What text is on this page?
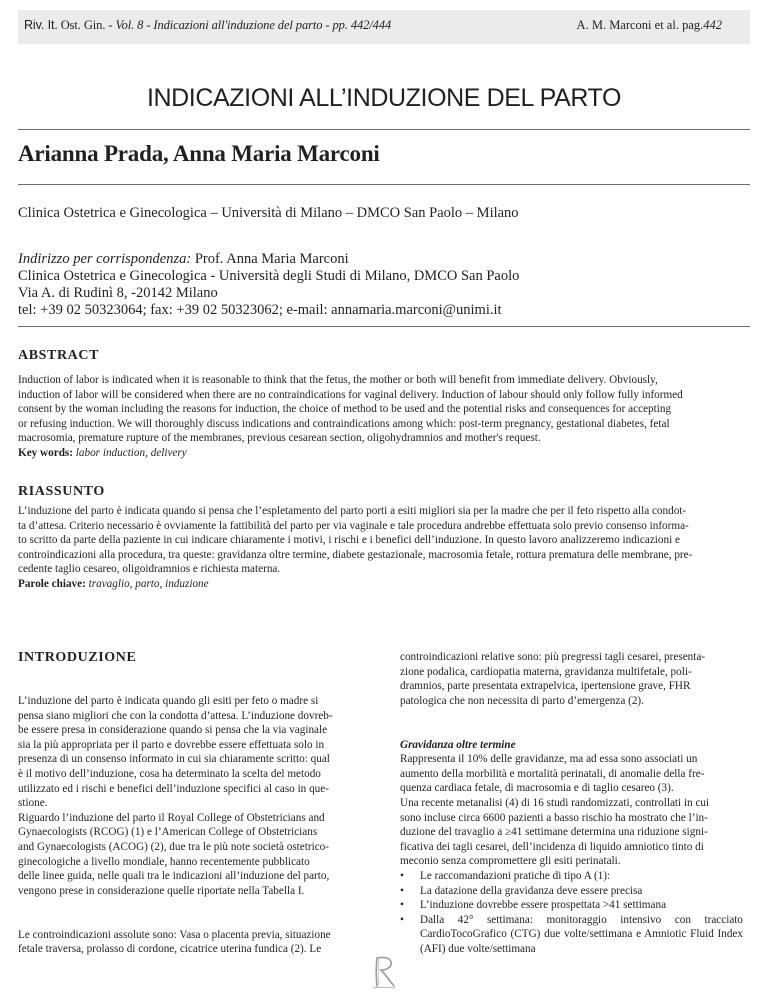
Riv. It. Ost. Gin. - Vol. 8 - Indicazioni all'induzione del parto - pp. 442/444	A. M. Marconi et al. pag.442
INDICAZIONI ALL’INDUZIONE DEL PARTO
Arianna Prada, Anna Maria Marconi
Clinica Ostetrica e Ginecologica – Università di Milano – DMCO San Paolo – Milano
Indirizzo per corrispondenza: Prof. Anna Maria Marconi
Clinica Ostetrica e Ginecologica - Università degli Studi di Milano, DMCO San Paolo
Via A. di Rudinì 8, -20142 Milano
tel: +39 02 50323064; fax: +39 02 50323062; e-mail: annamaria.marconi@unimi.it
ABSTRACT
Induction of labor is indicated when it is reasonable to think that the fetus, the mother or both will benefit from immediate delivery. Obviously,
induction of labor will be considered when there are no contraindications for vaginal delivery. Induction of labour should only follow fully informed
consent by the woman including the reasons for induction, the choice of method to be used and the potential risks and consequences for accepting
or refusing induction. We will thoroughly discuss indications and contraindications among which: post-term pregnancy, gestational diabetes, fetal
macrosomia, premature rupture of the membranes, previous cesarean section, oligohydramnios and mother's request.
Key words: labor induction, delivery
RIASSUNTO
L’induzione del parto è indicata quando si pensa che l’espletamento del parto porti a esiti migliori sia per la madre che per il feto rispetto alla condot-
ta d’attesa. Criterio necessario è ovviamente la fattibilità del parto per via vaginale e tale procedura andrebbe effettuata solo previo consenso informa-
to scritto da parte della paziente in cui indicare chiaramente i motivi, i rischi e i benefici dell’induzione. In questo lavoro analizzeremo indicazioni e
controindicazioni alla procedura, tra queste: gravidanza oltre termine, diabete gestazionale, macrosomia fetale, rottura prematura delle membrane, pre-
cedente taglio cesareo, oligoidramnios e richiesta materna.
Parole chiave: travaglio, parto, induzione
INTRODUZIONE

L’induzione del parto è indicata quando gli esiti per feto o madre si

pensa siano migliori che con la condotta d’attesa. L’induzione dovreb-

be essere presa in considerazione quando si pensa che la via vaginale

sia la più appropriata per il parto e dovrebbe essere effettuata solo in

presenza di un consenso informato in cui sia chiaramente scritto: qual

è il motivo dell’induzione, cosa ha determinato la scelta del metodo

utilizzato ed i rischi e benefici dell’induzione specifici al caso in que-

stione.

Riguardo l’induzione del parto il Royal College of Obstetricians and

Gynaecologists (RCOG) (1) e l’American College of Obstetricians

and Gynaecologists (ACOG) (2), due tra le più note società ostetrico-

ginecologiche a livello mondiale, hanno recentemente pubblicato

delle linee guida, nelle quali tra le indicazioni all’induzione del parto,

vengono prese in considerazione quelle riportate nella Tabella I.

Le controindicazioni assolute sono: Vasa o placenta previa, situazione

fetale traversa, prolasso di cordone, cicatrice uterina fundica (2). Le

controindicazioni relative sono: più pregressi tagli cesarei, presenta-

zione podalica, cardiopatia materna, gravidanza multifetale, poli-

dramnios, parte presentata extrapelvica, ipertensione grave, FHR

patologica che non necessita di parto d’emergenza (2).

Gravidanza oltre termine

Rappresenta il 10% delle gravidanze, ma ad essa sono associati un

aumento della morbilità e mortalità perinatali, di anomalie della fre-

quenza cardiaca fetale, di macrosomia e di taglio cesareo (3).

Una recente metanalisi (4) di 16 studi randomizzati, controllati in cui

sono incluse circa 6600 pazienti a basso rischio ha mostrato che l’in-

duzione del travaglio a ≥41 settimane determina una riduzione signi-

ficativa dei tagli cesarei, dell’incidenza di liquido amniotico tinto di

meconio senza compromettere gli esiti perinatali.

• Le raccomandazioni pratiche di tipo A (1):

• La datazione della gravidanza deve essere precisa

• L’induzione dovrebbe essere prospettata >41 settimana

• Dalla 42° settimana: monitoraggio intensivo con tracciato CardioTocoGrafico (CTG) due volte/settimana e Amniotic Fluid Index (AFI) due volte/settimana
